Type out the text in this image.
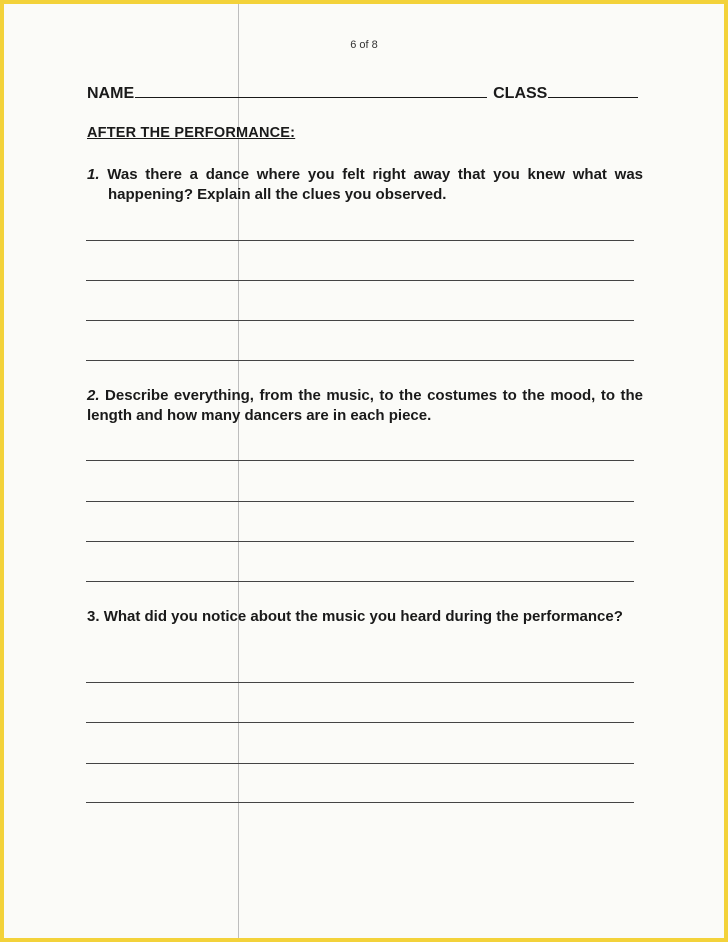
6 of 8
NAME	CLASS
AFTER THE PERFORMANCE:
1. Was there a dance where you felt right away that you knew what was happening? Explain all the clues you observed.
2. Describe everything, from the music, to the costumes to the mood, to the length and how many dancers are in each piece.
3. What did you notice about the music you heard during the performance?
